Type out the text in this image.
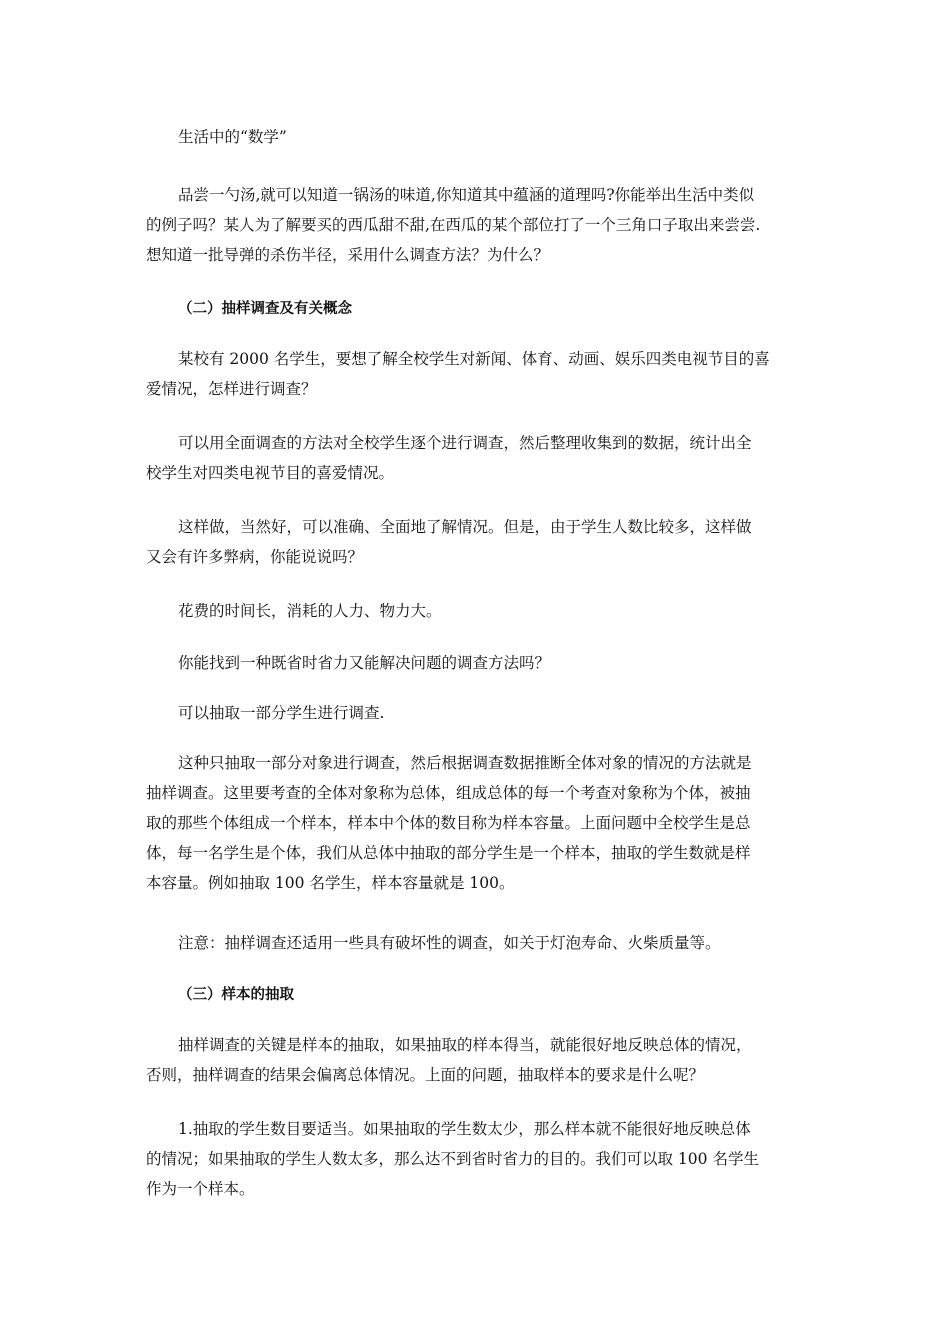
生活中的“数学”
品尝一勺汤,就可以知道一锅汤的味道,你知道其中蕴涵的道理吗?你能举出生活中类似
的例子吗？某人为了解要买的西瓜甜不甜,在西瓜的某个部位打了一个三角口子取出来尝尝.
想知道一批导弹的杀伤半径，采用什么调查方法？为什么？
（二）抽样调查及有关概念
某校有 2000 名学生，要想了解全校学生对新闻、体育、动画、娱乐四类电视节目的喜
爱情况，怎样进行调查？
可以用全面调查的方法对全校学生逐个进行调查，然后整理收集到的数据，统计出全
校学生对四类电视节目的喜爱情况。
这样做，当然好，可以准确、全面地了解情况。但是，由于学生人数比较多，这样做
又会有许多弊病，你能说说吗？
花费的时间长，消耗的人力、物力大。
你能找到一种既省时省力又能解决问题的调查方法吗？
可以抽取一部分学生进行调查.
这种只抽取一部分对象进行调查，然后根据调查数据推断全体对象的情况的方法就是
抽样调查。这里要考查的全体对象称为总体，组成总体的每一个考查对象称为个体，被抽
取的那些个体组成一个样本，样本中个体的数目称为样本容量。上面问题中全校学生是总
体，每一名学生是个体，我们从总体中抽取的部分学生是一个样本，抽取的学生数就是样
本容量。例如抽取 100 名学生，样本容量就是 100。
注意：抽样调查还适用一些具有破坏性的调查，如关于灯泡寿命、火柴质量等。
（三）样本的抽取
抽样调查的关键是样本的抽取，如果抽取的样本得当，就能很好地反映总体的情况，
否则，抽样调查的结果会偏离总体情况。上面的问题，抽取样本的要求是什么呢？
1.抽取的学生数目要适当。如果抽取的学生数太少，那么样本就不能很好地反映总体
的情况；如果抽取的学生人数太多，那么达不到省时省力的目的。我们可以取 100 名学生
作为一个样本。
